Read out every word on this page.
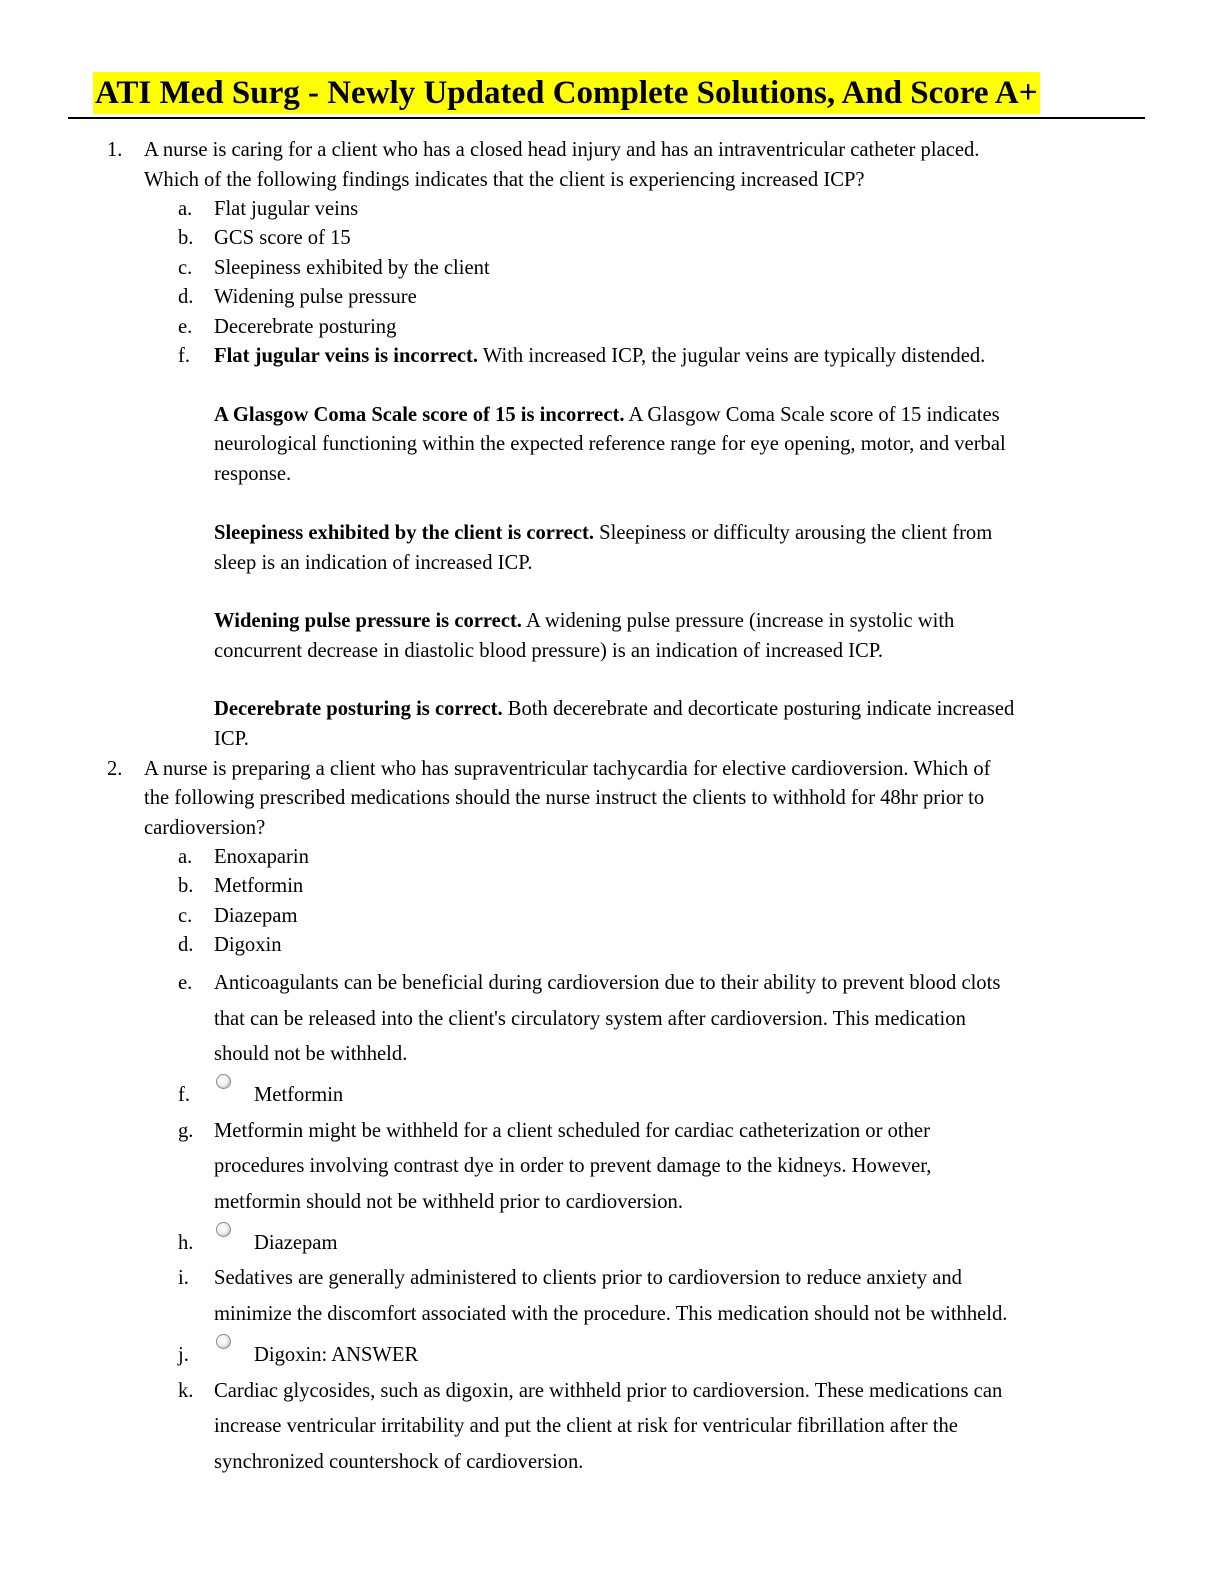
ATI Med Surg - Newly Updated Complete Solutions, And Score A+
1. A nurse is caring for a client who has a closed head injury and has an intraventricular catheter placed.
Which of the following findings indicates that the client is experiencing increased ICP?
a. Flat jugular veins
b. GCS score of 15
c. Sleepiness exhibited by the client
d. Widening pulse pressure
e. Decerebrate posturing
f. Flat jugular veins is incorrect. With increased ICP, the jugular veins are typically distended.
A Glasgow Coma Scale score of 15 is incorrect. A Glasgow Coma Scale score of 15 indicates
neurological functioning within the expected reference range for eye opening, motor, and verbal
response.
Sleepiness exhibited by the client is correct. Sleepiness or difficulty arousing the client from
sleep is an indication of increased ICP.
Widening pulse pressure is correct. A widening pulse pressure (increase in systolic with
concurrent decrease in diastolic blood pressure) is an indication of increased ICP.
Decerebrate posturing is correct. Both decerebrate and decorticate posturing indicate increased
ICP.
2. A nurse is preparing a client who has supraventricular tachycardia for elective cardioversion. Which of
the following prescribed medications should the nurse instruct the clients to withhold for 48hr prior to
cardioversion?
a. Enoxaparin
b. Metformin
c. Diazepam
d. Digoxin
e. Anticoagulants can be beneficial during cardioversion due to their ability to prevent blood clots
that can be released into the client's circulatory system after cardioversion. This medication
should not be withheld.
f.	Metformin
g. Metformin might be withheld for a client scheduled for cardiac catheterization or other
procedures involving contrast dye in order to prevent damage to the kidneys. However,
metformin should not be withheld prior to cardioversion.
h.	Diazepam
i. Sedatives are generally administered to clients prior to cardioversion to reduce anxiety and
minimize the discomfort associated with the procedure. This medication should not be withheld.
j.	Digoxin: ANSWER
k. Cardiac glycosides, such as digoxin, are withheld prior to cardioversion. These medications can
increase ventricular irritability and put the client at risk for ventricular fibrillation after the
synchronized countershock of cardioversion.
